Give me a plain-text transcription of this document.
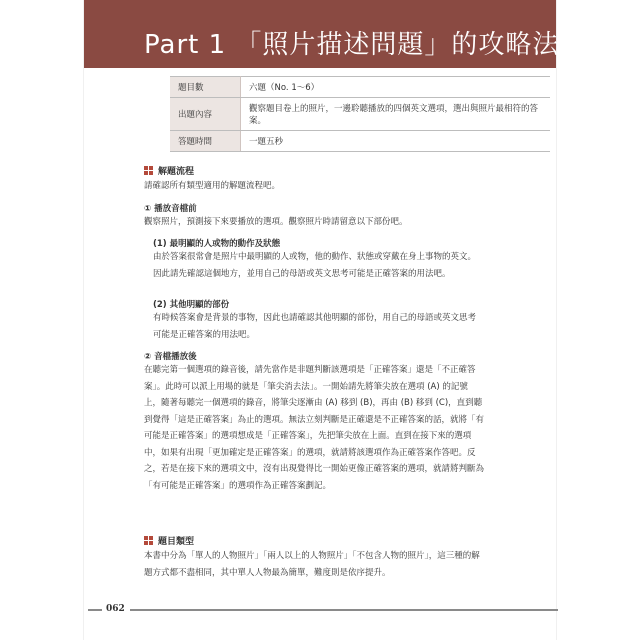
Part 1 「照片描述問題」的攻略法
題目數	六題（No. 1～6）
出題內容	觀察題目卷上的照片，一邊聆聽播放的四個英文選項，選出與照片最相符的答案。
答題時間	一題五秒
解題流程
請確認所有類型適用的解題流程吧。
① 播放音檔前
觀察照片，預測接下來要播放的選項。觀察照片時請留意以下部份吧。
(1) 最明顯的人或物的動作及狀態
由於答案很常會是照片中最明顯的人或物，他的動作、狀態或穿戴在身上事物的英文。因此請先確認這個地方，並用自己的母語或英文思考可能是正確答案的用法吧。
(2) 其他明顯的部份
有時候答案會是背景的事物，因此也請確認其他明顯的部份，用自己的母語或英文思考可能是正確答案的用法吧。
② 音檔播放後
在聽完第一個選項的錄音後，請先當作是非題判斷該選項是「正確答案」還是「不正確答案」。此時可以派上用場的就是「筆尖消去法」。一開始請先將筆尖放在選項 (A) 的記號上，隨著每聽完一個選項的錄音，將筆尖逐漸由 (A) 移到 (B)，再由 (B) 移到 (C)，直到聽到覺得「這是正確答案」為止的選項。無法立刻判斷是正確還是不正確答案的話，就將「有可能是正確答案」的選項想成是「正確答案」，先把筆尖放在上面。直到在接下來的選項中，如果有出現「更加確定是正確答案」的選項，就請將該選項作為正確答案作答吧。反之，若是在接下來的選項文中，沒有出現覺得比一開始更像正確答案的選項，就請將判斷為「有可能是正確答案」的選項作為正確答案劃記。
題目類型
本書中分為「單人的人物照片」「兩人以上的人物照片」「不包含人物的照片」，這三種的解題方式都不盡相同，其中單人人物最為簡單，難度則是依序提升。
062
